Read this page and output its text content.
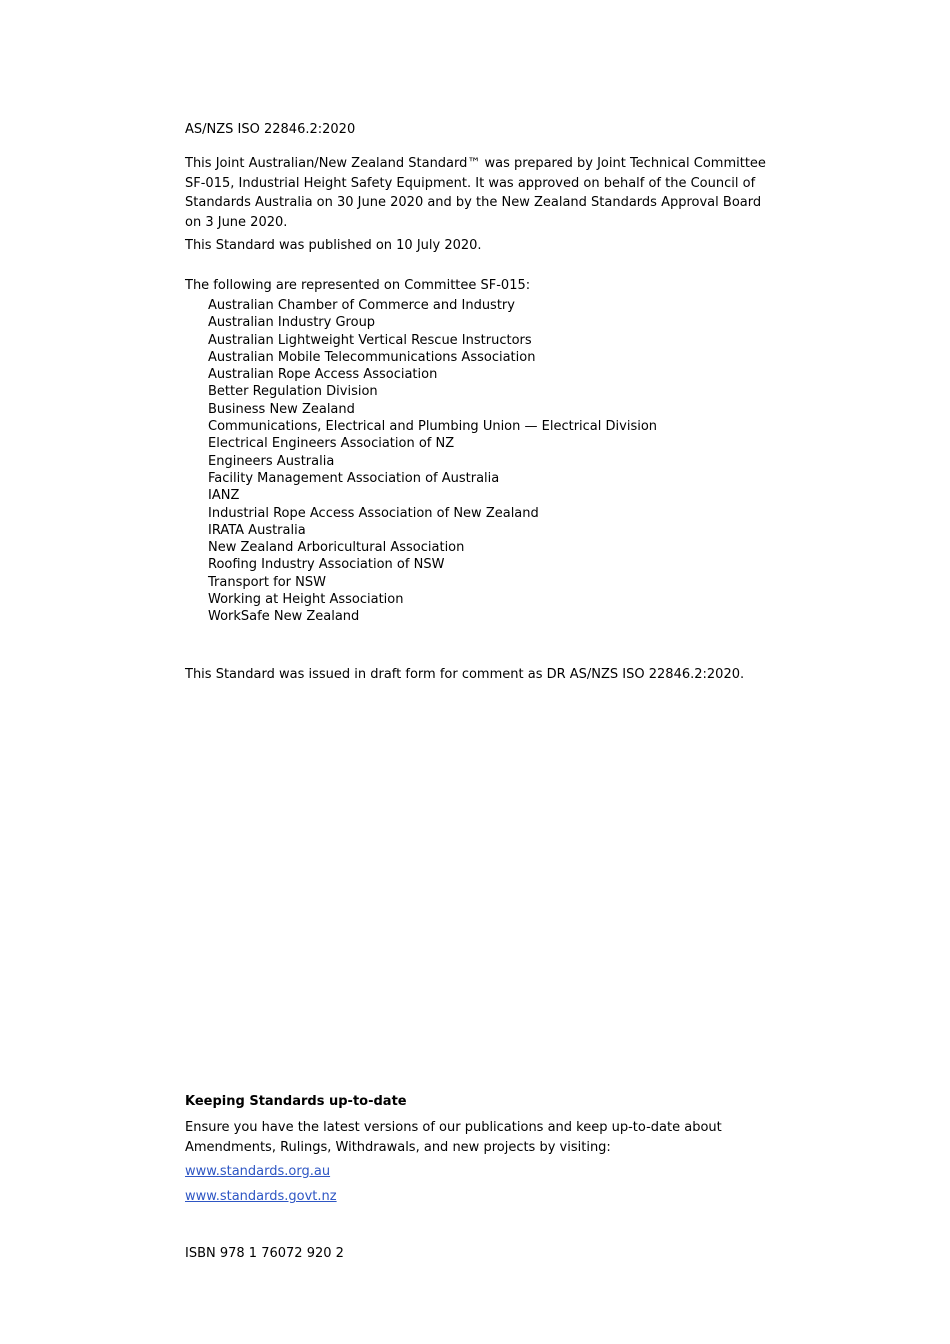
AS/NZS ISO 22846.2:2020
This Joint Australian/New Zealand Standard™ was prepared by Joint Technical Committee SF-015, Industrial Height Safety Equipment. It was approved on behalf of the Council of Standards Australia on 30 June 2020 and by the New Zealand Standards Approval Board on 3 June 2020.
This Standard was published on 10 July 2020.
The following are represented on Committee SF-015:
Australian Chamber of Commerce and Industry
Australian Industry Group
Australian Lightweight Vertical Rescue Instructors
Australian Mobile Telecommunications Association
Australian Rope Access Association
Better Regulation Division
Business New Zealand
Communications, Electrical and Plumbing Union — Electrical Division
Electrical Engineers Association of NZ
Engineers Australia
Facility Management Association of Australia
IANZ
Industrial Rope Access Association of New Zealand
IRATA Australia
New Zealand Arboricultural Association
Roofing Industry Association of NSW
Transport for NSW
Working at Height Association
WorkSafe New Zealand
This Standard was issued in draft form for comment as DR AS/NZS ISO 22846.2:2020.
Keeping Standards up-to-date
Ensure you have the latest versions of our publications and keep up-to-date about Amendments, Rulings, Withdrawals, and new projects by visiting:
www.standards.org.au
www.standards.govt.nz
ISBN 978 1 76072 920 2
